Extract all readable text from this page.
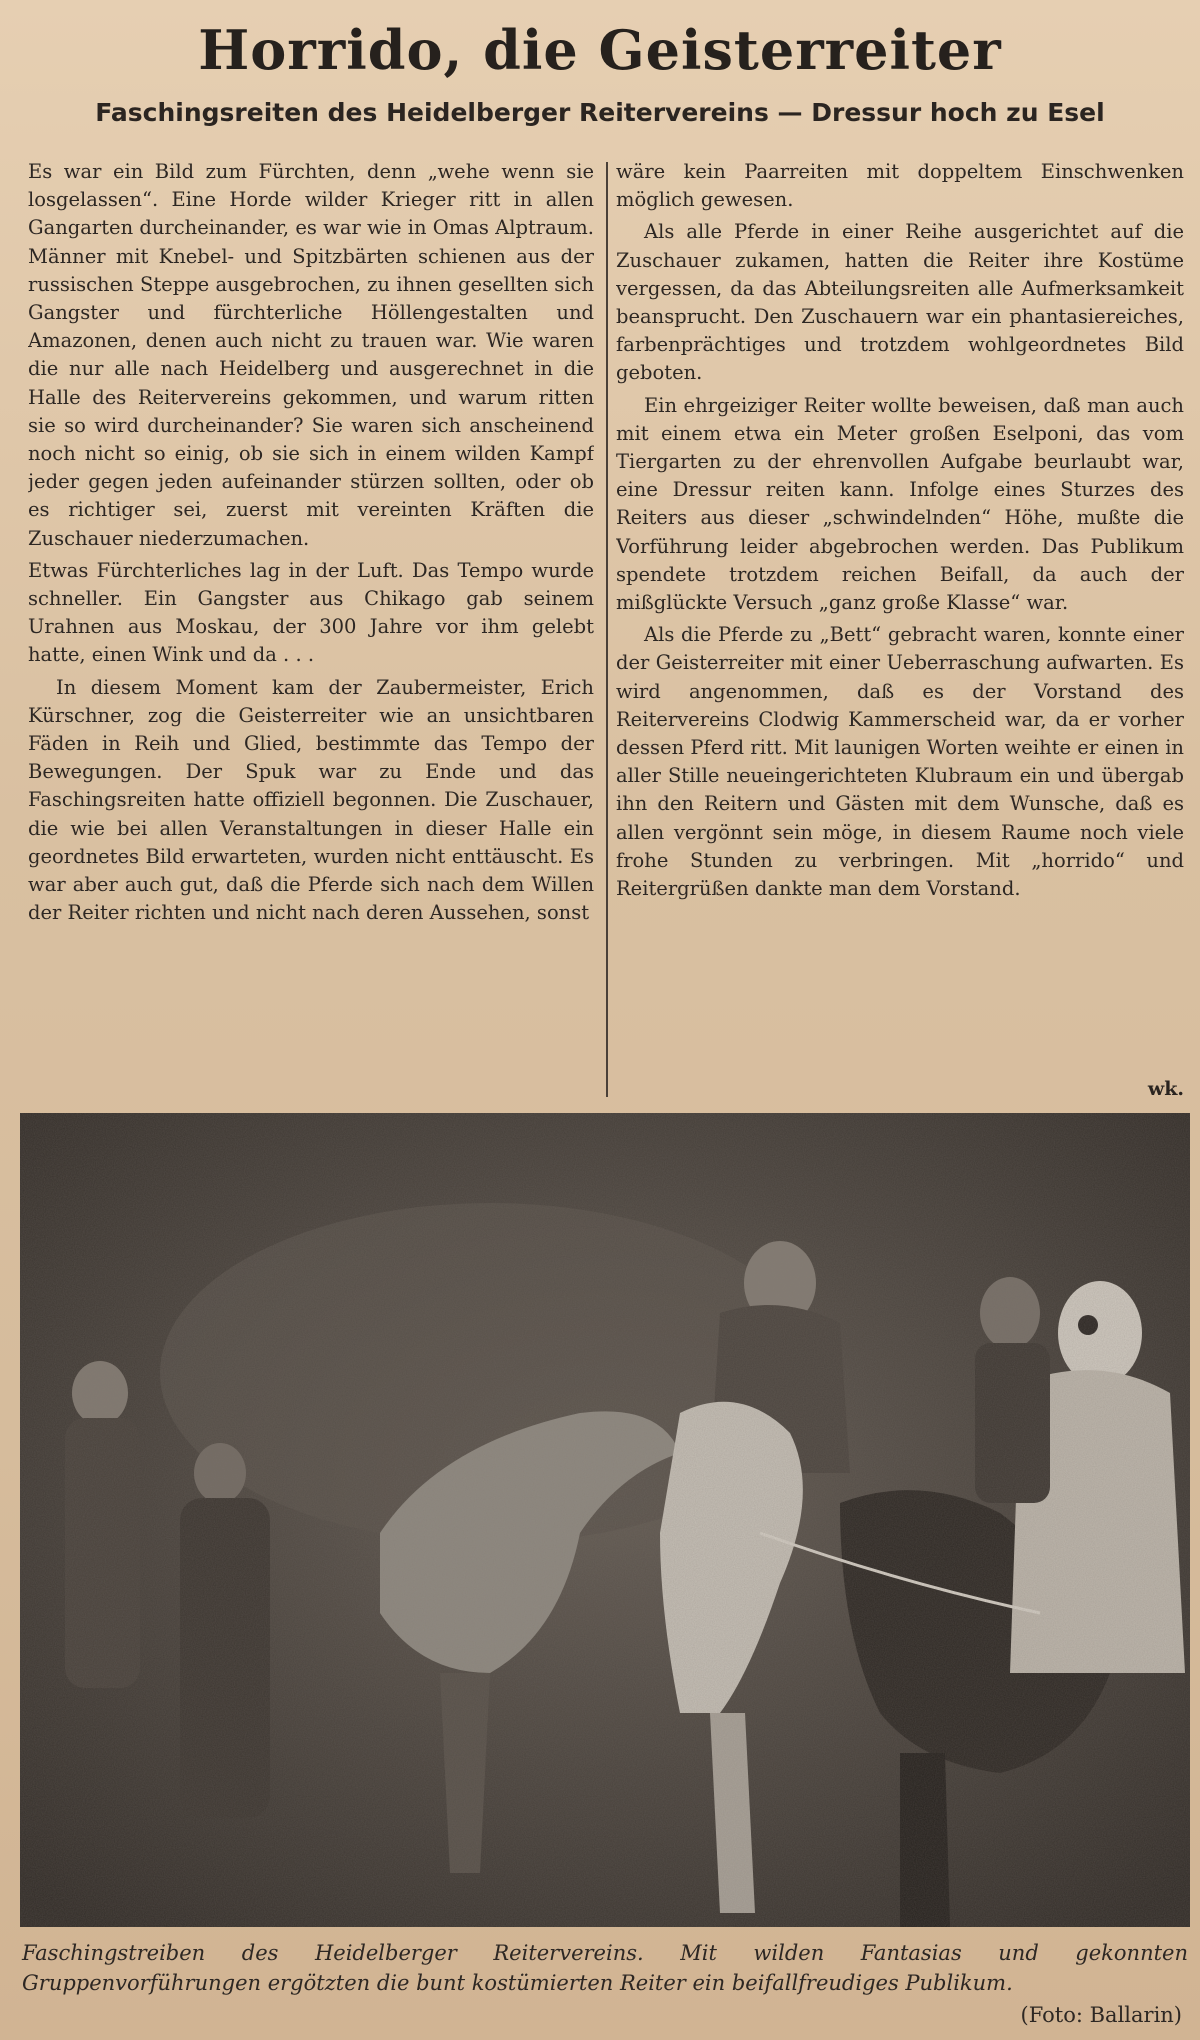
Horrido, die Geisterreiter
Faschingsreiten des Heidelberger Reitervereins — Dressur hoch zu Esel

Es war ein Bild zum Fürchten, denn „wehe wenn sie losgelassen“. Eine Horde wilder Krieger ritt in allen Gangarten durcheinander, es war wie in Omas Alptraum. Männer mit Knebel- und Spitzbärten schienen aus der russischen Steppe ausgebrochen, zu ihnen gesellten sich Gangster und fürchterliche Höllengestalten und Amazonen, denen auch nicht zu trauen war. Wie waren die nur alle nach Heidelberg und ausgerechnet in die Halle des Reitervereins gekommen, und warum ritten sie so wird durcheinander? Sie waren sich anscheinend noch nicht so einig, ob sie sich in einem wilden Kampf jeder gegen jeden aufeinander stürzen sollten, oder ob es richtiger sei, zuerst mit vereinten Kräften die Zuschauer niederzumachen.

Etwas Fürchterliches lag in der Luft. Das Tempo wurde schneller. Ein Gangster aus Chikago gab seinem Urahnen aus Moskau, der 300 Jahre vor ihm gelebt hatte, einen Wink und da . . .

In diesem Moment kam der Zaubermeister, Erich Kürschner, zog die Geisterreiter wie an unsichtbaren Fäden in Reih und Glied, bestimmte das Tempo der Bewegungen. Der Spuk war zu Ende und das Faschingsreiten hatte offiziell begonnen. Die Zuschauer, die wie bei allen Veranstaltungen in dieser Halle ein geordnetes Bild erwarteten, wurden nicht enttäuscht. Es war aber auch gut, daß die Pferde sich nach dem Willen der Reiter richten und nicht nach deren Aussehen, sonst

wäre kein Paarreiten mit doppeltem Einschwenken möglich gewesen.

Als alle Pferde in einer Reihe ausgerichtet auf die Zuschauer zukamen, hatten die Reiter ihre Kostüme vergessen, da das Abteilungsreiten alle Aufmerksamkeit beansprucht. Den Zuschauern war ein phantasiereiches, farbenprächtiges und trotzdem wohlgeordnetes Bild geboten.

Ein ehrgeiziger Reiter wollte beweisen, daß man auch mit einem etwa ein Meter großen Eselponi, das vom Tiergarten zu der ehrenvollen Aufgabe beurlaubt war, eine Dressur reiten kann. Infolge eines Sturzes des Reiters aus dieser „schwindelnden“ Höhe, mußte die Vorführung leider abgebrochen werden. Das Publikum spendete trotzdem reichen Beifall, da auch der mißglückte Versuch „ganz große Klasse“ war.

Als die Pferde zu „Bett“ gebracht waren, konnte einer der Geisterreiter mit einer Ueberraschung aufwarten. Es wird angenommen, daß es der Vorstand des Reitervereins Clodwig Kammerscheid war, da er vorher dessen Pferd ritt. Mit launigen Worten weihte er einen in aller Stille neueingerichteten Klubraum ein und übergab ihn den Reitern und Gästen mit dem Wunsche, daß es allen vergönnt sein möge, in diesem Raume noch viele frohe Stunden zu verbringen. Mit „horrido“ und Reitergrüßen dankte man dem Vorstand.

wk.
Faschingstreiben des Heidelberger Reitervereins. Mit wilden Fantasias und gekonnten Gruppenvorführungen ergötzten die bunt kostümierten Reiter ein beifallfreudiges Publikum.
(Foto: Ballarin)
